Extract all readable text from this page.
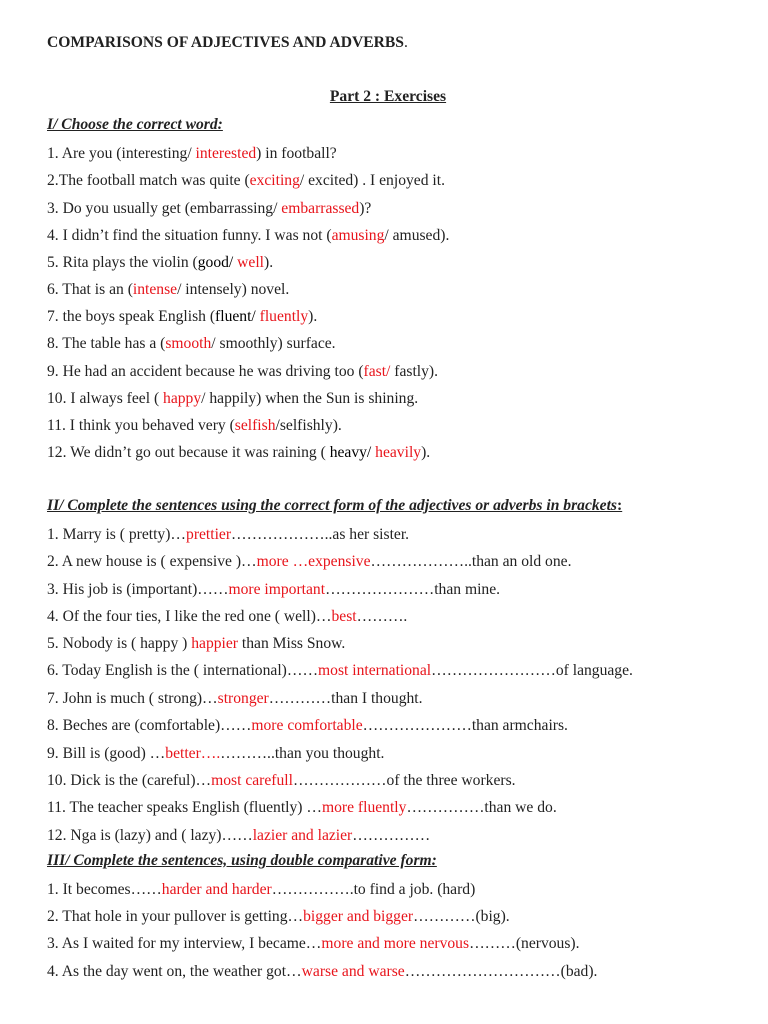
COMPARISONS OF ADJECTIVES AND ADVERBS.
Part 2 : Exercises
I/ Choose the correct word:
1. Are you (interesting/ interested) in football?
2.The football match was quite (exciting/ excited) . I enjoyed it.
3. Do you usually get (embarrassing/ embarrassed)?
4. I didn’t find the situation funny. I was not (amusing/ amused).
5. Rita plays the violin (good/ well).
6. That is an (intense/ intensely) novel.
7. the boys speak English (fluent/ fluently).
8. The table has a (smooth/ smoothly) surface.
9. He had an accident because he was driving too (fast/ fastly).
10. I always feel ( happy/ happily) when the Sun is shining.
11. I think you behaved very (selfish/selfishly).
12. We didn’t go out because it was raining ( heavy/ heavily).
II/ Complete the sentences using the correct form of the adjectives or adverbs in brackets:
1. Marry is ( pretty)…prettier………………..as her sister.
2. A new house is ( expensive )…more …expensive………………..than an old one.
3. His job is (important)……more important…………………than mine.
4. Of the four ties, I like the red one ( well)…best……….
5. Nobody is ( happy ) happier than Miss Snow.
6. Today English is the ( international)……most international……………………of language.
7. John is much ( strong)…stronger…………than I thought.
8. Beches are (comfortable)……more comfortable…………………than armchairs.
9. Bill is (good) …better….………..than you thought.
10. Dick is the (careful)…most carefull………………of the three workers.
11. The teacher speaks English (fluently) …more fluently……………than we do.
12. Nga is (lazy) and ( lazy)……lazier and lazier……………
III/ Complete the sentences, using double comparative form:
1. It becomes……harder and harder…………….to find a job. (hard)
2. That hole in your pullover is getting…bigger and bigger…………(big).
3. As I waited for my interview, I became…more and more nervous………(nervous).
4. As the day went on, the weather got…warse and warse…………………………(bad).
